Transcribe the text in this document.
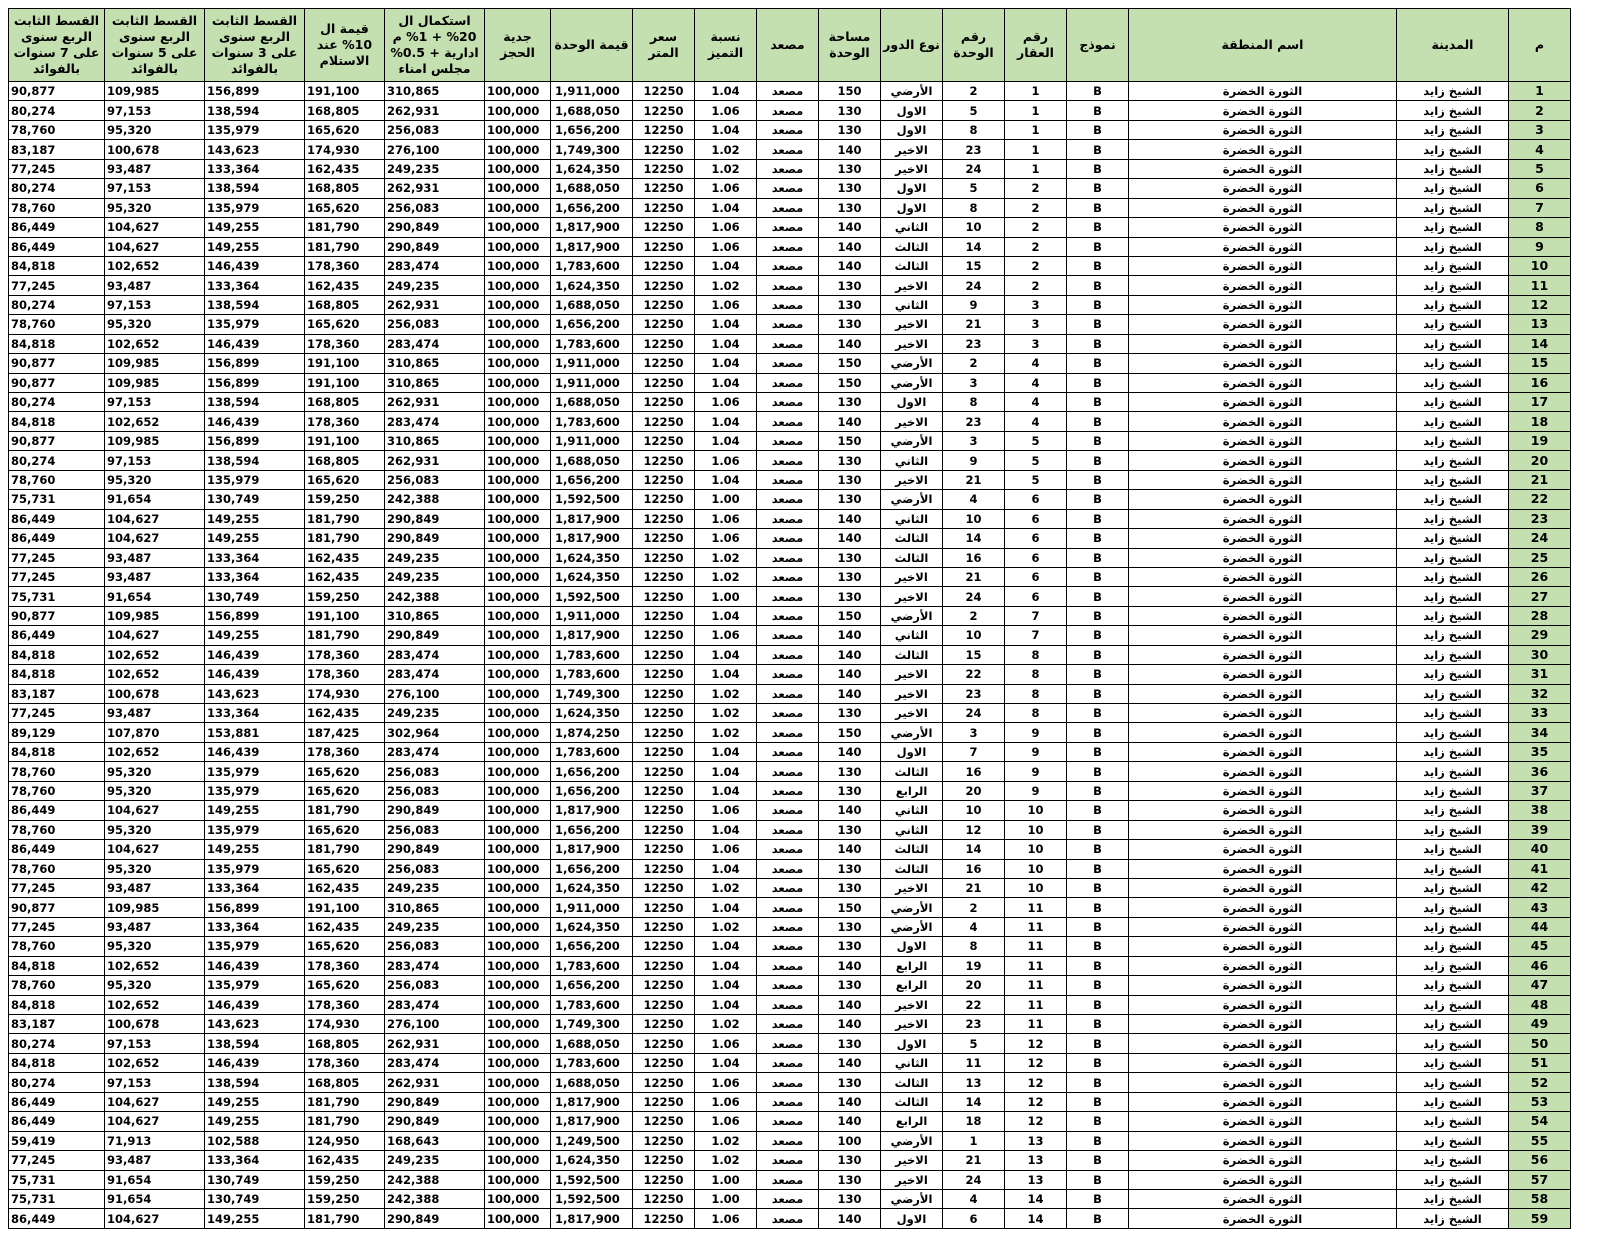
م	المدينة	اسم المنطقة	نموذج	رقم العقار	رقم الوحدة	نوع الدور	مساحة الوحدة	مصعد	نسبة التميز	سعر المتر	قيمة الوحدة	جدية الحجز	استكمال ال 20% + 1% م ادارية + 0.5% مجلس امناء	قيمة ال 10% عند الاستلام	القسط الثابت الربع سنوى على 3 سنوات بالفوائد	القسط الثابت الربع سنوى على 5 سنوات بالفوائد	القسط الثابت الربع سنوى على 7 سنوات بالفوائد
1	الشيخ زايد	الثورة الخضرة	B	1	2	الأرضي	150	مصعد	1.04	12250	1,911,000	100,000	310,865	191,100	156,899	109,985	90,877
2	الشيخ زايد	الثورة الخضرة	B	1	5	الاول	130	مصعد	1.06	12250	1,688,050	100,000	262,931	168,805	138,594	97,153	80,274
3	الشيخ زايد	الثورة الخضرة	B	1	8	الاول	130	مصعد	1.04	12250	1,656,200	100,000	256,083	165,620	135,979	95,320	78,760
4	الشيخ زايد	الثورة الخضرة	B	1	23	الاخير	140	مصعد	1.02	12250	1,749,300	100,000	276,100	174,930	143,623	100,678	83,187
5	الشيخ زايد	الثورة الخضرة	B	1	24	الاخير	130	مصعد	1.02	12250	1,624,350	100,000	249,235	162,435	133,364	93,487	77,245
6	الشيخ زايد	الثورة الخضرة	B	2	5	الاول	130	مصعد	1.06	12250	1,688,050	100,000	262,931	168,805	138,594	97,153	80,274
7	الشيخ زايد	الثورة الخضرة	B	2	8	الاول	130	مصعد	1.04	12250	1,656,200	100,000	256,083	165,620	135,979	95,320	78,760
8	الشيخ زايد	الثورة الخضرة	B	2	10	الثاني	140	مصعد	1.06	12250	1,817,900	100,000	290,849	181,790	149,255	104,627	86,449
9	الشيخ زايد	الثورة الخضرة	B	2	14	الثالث	140	مصعد	1.06	12250	1,817,900	100,000	290,849	181,790	149,255	104,627	86,449
10	الشيخ زايد	الثورة الخضرة	B	2	15	الثالث	140	مصعد	1.04	12250	1,783,600	100,000	283,474	178,360	146,439	102,652	84,818
11	الشيخ زايد	الثورة الخضرة	B	2	24	الاخير	130	مصعد	1.02	12250	1,624,350	100,000	249,235	162,435	133,364	93,487	77,245
12	الشيخ زايد	الثورة الخضرة	B	3	9	الثاني	130	مصعد	1.06	12250	1,688,050	100,000	262,931	168,805	138,594	97,153	80,274
13	الشيخ زايد	الثورة الخضرة	B	3	21	الاخير	130	مصعد	1.04	12250	1,656,200	100,000	256,083	165,620	135,979	95,320	78,760
14	الشيخ زايد	الثورة الخضرة	B	3	23	الاخير	140	مصعد	1.04	12250	1,783,600	100,000	283,474	178,360	146,439	102,652	84,818
15	الشيخ زايد	الثورة الخضرة	B	4	2	الأرضي	150	مصعد	1.04	12250	1,911,000	100,000	310,865	191,100	156,899	109,985	90,877
16	الشيخ زايد	الثورة الخضرة	B	4	3	الأرضي	150	مصعد	1.04	12250	1,911,000	100,000	310,865	191,100	156,899	109,985	90,877
17	الشيخ زايد	الثورة الخضرة	B	4	8	الاول	130	مصعد	1.06	12250	1,688,050	100,000	262,931	168,805	138,594	97,153	80,274
18	الشيخ زايد	الثورة الخضرة	B	4	23	الاخير	140	مصعد	1.04	12250	1,783,600	100,000	283,474	178,360	146,439	102,652	84,818
19	الشيخ زايد	الثورة الخضرة	B	5	3	الأرضي	150	مصعد	1.04	12250	1,911,000	100,000	310,865	191,100	156,899	109,985	90,877
20	الشيخ زايد	الثورة الخضرة	B	5	9	الثاني	130	مصعد	1.06	12250	1,688,050	100,000	262,931	168,805	138,594	97,153	80,274
21	الشيخ زايد	الثورة الخضرة	B	5	21	الاخير	130	مصعد	1.04	12250	1,656,200	100,000	256,083	165,620	135,979	95,320	78,760
22	الشيخ زايد	الثورة الخضرة	B	6	4	الأرضي	130	مصعد	1.00	12250	1,592,500	100,000	242,388	159,250	130,749	91,654	75,731
23	الشيخ زايد	الثورة الخضرة	B	6	10	الثاني	140	مصعد	1.06	12250	1,817,900	100,000	290,849	181,790	149,255	104,627	86,449
24	الشيخ زايد	الثورة الخضرة	B	6	14	الثالث	140	مصعد	1.06	12250	1,817,900	100,000	290,849	181,790	149,255	104,627	86,449
25	الشيخ زايد	الثورة الخضرة	B	6	16	الثالث	130	مصعد	1.02	12250	1,624,350	100,000	249,235	162,435	133,364	93,487	77,245
26	الشيخ زايد	الثورة الخضرة	B	6	21	الاخير	130	مصعد	1.02	12250	1,624,350	100,000	249,235	162,435	133,364	93,487	77,245
27	الشيخ زايد	الثورة الخضرة	B	6	24	الاخير	130	مصعد	1.00	12250	1,592,500	100,000	242,388	159,250	130,749	91,654	75,731
28	الشيخ زايد	الثورة الخضرة	B	7	2	الأرضي	150	مصعد	1.04	12250	1,911,000	100,000	310,865	191,100	156,899	109,985	90,877
29	الشيخ زايد	الثورة الخضرة	B	7	10	الثاني	140	مصعد	1.06	12250	1,817,900	100,000	290,849	181,790	149,255	104,627	86,449
30	الشيخ زايد	الثورة الخضرة	B	8	15	الثالث	140	مصعد	1.04	12250	1,783,600	100,000	283,474	178,360	146,439	102,652	84,818
31	الشيخ زايد	الثورة الخضرة	B	8	22	الاخير	140	مصعد	1.04	12250	1,783,600	100,000	283,474	178,360	146,439	102,652	84,818
32	الشيخ زايد	الثورة الخضرة	B	8	23	الاخير	140	مصعد	1.02	12250	1,749,300	100,000	276,100	174,930	143,623	100,678	83,187
33	الشيخ زايد	الثورة الخضرة	B	8	24	الاخير	130	مصعد	1.02	12250	1,624,350	100,000	249,235	162,435	133,364	93,487	77,245
34	الشيخ زايد	الثورة الخضرة	B	9	3	الأرضي	150	مصعد	1.02	12250	1,874,250	100,000	302,964	187,425	153,881	107,870	89,129
35	الشيخ زايد	الثورة الخضرة	B	9	7	الاول	140	مصعد	1.04	12250	1,783,600	100,000	283,474	178,360	146,439	102,652	84,818
36	الشيخ زايد	الثورة الخضرة	B	9	16	الثالث	130	مصعد	1.04	12250	1,656,200	100,000	256,083	165,620	135,979	95,320	78,760
37	الشيخ زايد	الثورة الخضرة	B	9	20	الرابع	130	مصعد	1.04	12250	1,656,200	100,000	256,083	165,620	135,979	95,320	78,760
38	الشيخ زايد	الثورة الخضرة	B	10	10	الثاني	140	مصعد	1.06	12250	1,817,900	100,000	290,849	181,790	149,255	104,627	86,449
39	الشيخ زايد	الثورة الخضرة	B	10	12	الثاني	130	مصعد	1.04	12250	1,656,200	100,000	256,083	165,620	135,979	95,320	78,760
40	الشيخ زايد	الثورة الخضرة	B	10	14	الثالث	140	مصعد	1.06	12250	1,817,900	100,000	290,849	181,790	149,255	104,627	86,449
41	الشيخ زايد	الثورة الخضرة	B	10	16	الثالث	130	مصعد	1.04	12250	1,656,200	100,000	256,083	165,620	135,979	95,320	78,760
42	الشيخ زايد	الثورة الخضرة	B	10	21	الاخير	130	مصعد	1.02	12250	1,624,350	100,000	249,235	162,435	133,364	93,487	77,245
43	الشيخ زايد	الثورة الخضرة	B	11	2	الأرضي	150	مصعد	1.04	12250	1,911,000	100,000	310,865	191,100	156,899	109,985	90,877
44	الشيخ زايد	الثورة الخضرة	B	11	4	الأرضي	130	مصعد	1.02	12250	1,624,350	100,000	249,235	162,435	133,364	93,487	77,245
45	الشيخ زايد	الثورة الخضرة	B	11	8	الاول	130	مصعد	1.04	12250	1,656,200	100,000	256,083	165,620	135,979	95,320	78,760
46	الشيخ زايد	الثورة الخضرة	B	11	19	الرابع	140	مصعد	1.04	12250	1,783,600	100,000	283,474	178,360	146,439	102,652	84,818
47	الشيخ زايد	الثورة الخضرة	B	11	20	الرابع	130	مصعد	1.04	12250	1,656,200	100,000	256,083	165,620	135,979	95,320	78,760
48	الشيخ زايد	الثورة الخضرة	B	11	22	الاخير	140	مصعد	1.04	12250	1,783,600	100,000	283,474	178,360	146,439	102,652	84,818
49	الشيخ زايد	الثورة الخضرة	B	11	23	الاخير	140	مصعد	1.02	12250	1,749,300	100,000	276,100	174,930	143,623	100,678	83,187
50	الشيخ زايد	الثورة الخضرة	B	12	5	الاول	130	مصعد	1.06	12250	1,688,050	100,000	262,931	168,805	138,594	97,153	80,274
51	الشيخ زايد	الثورة الخضرة	B	12	11	الثاني	140	مصعد	1.04	12250	1,783,600	100,000	283,474	178,360	146,439	102,652	84,818
52	الشيخ زايد	الثورة الخضرة	B	12	13	الثالث	130	مصعد	1.06	12250	1,688,050	100,000	262,931	168,805	138,594	97,153	80,274
53	الشيخ زايد	الثورة الخضرة	B	12	14	الثالث	140	مصعد	1.06	12250	1,817,900	100,000	290,849	181,790	149,255	104,627	86,449
54	الشيخ زايد	الثورة الخضرة	B	12	18	الرابع	140	مصعد	1.06	12250	1,817,900	100,000	290,849	181,790	149,255	104,627	86,449
55	الشيخ زايد	الثورة الخضرة	B	13	1	الأرضي	100	مصعد	1.02	12250	1,249,500	100,000	168,643	124,950	102,588	71,913	59,419
56	الشيخ زايد	الثورة الخضرة	B	13	21	الاخير	130	مصعد	1.02	12250	1,624,350	100,000	249,235	162,435	133,364	93,487	77,245
57	الشيخ زايد	الثورة الخضرة	B	13	24	الاخير	130	مصعد	1.00	12250	1,592,500	100,000	242,388	159,250	130,749	91,654	75,731
58	الشيخ زايد	الثورة الخضرة	B	14	4	الأرضي	130	مصعد	1.00	12250	1,592,500	100,000	242,388	159,250	130,749	91,654	75,731
59	الشيخ زايد	الثورة الخضرة	B	14	6	الاول	140	مصعد	1.06	12250	1,817,900	100,000	290,849	181,790	149,255	104,627	86,449
